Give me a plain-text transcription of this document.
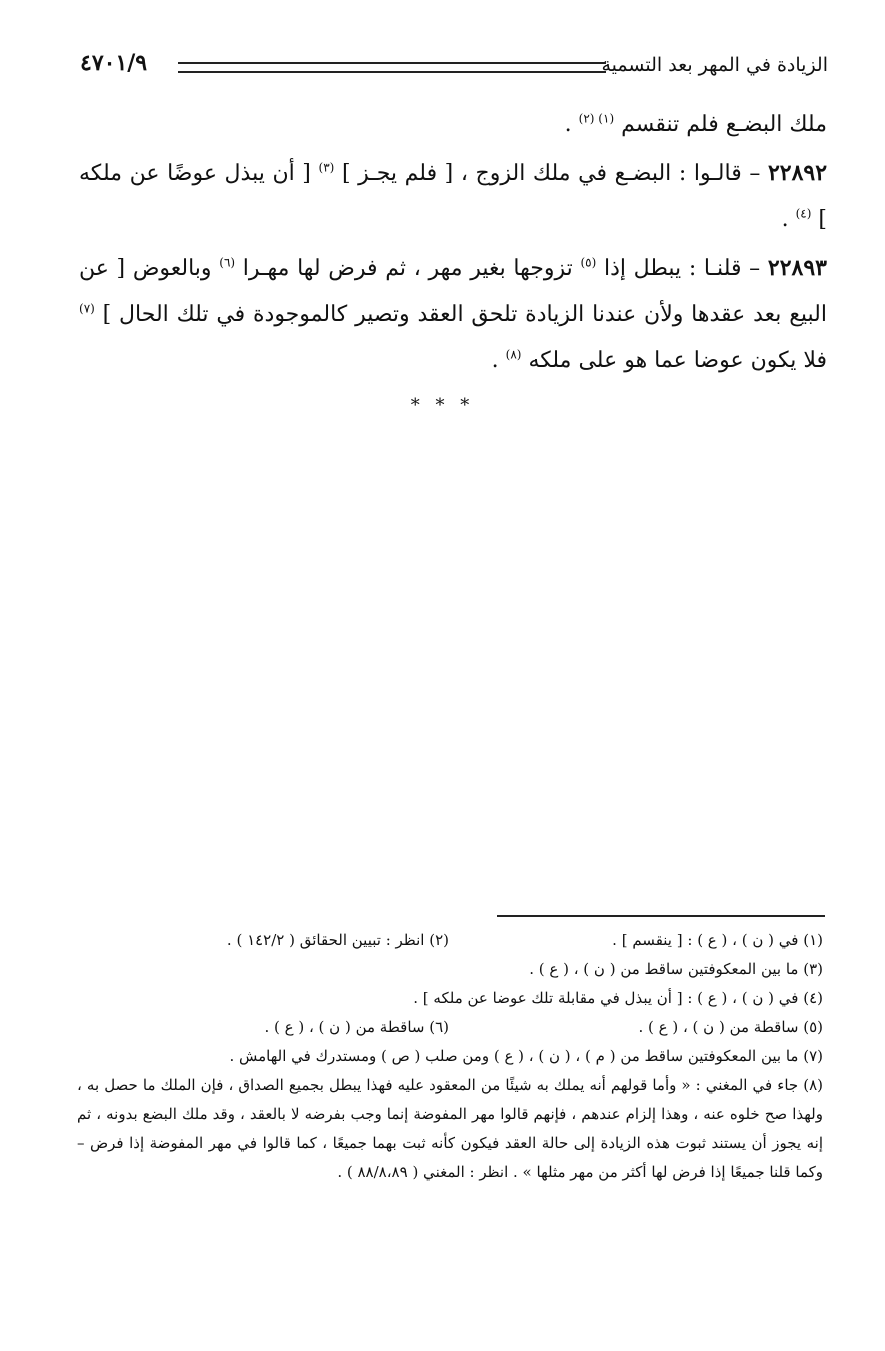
الزيادة في المهر بعد التسمية
٤٧٠١/٩

ملك البضـع فلم تنقسم $^{(١) (٢)}$ .

٢٢٨٩٢ – قالـوا : البضـع في ملك الزوج ، [ فلم يجـز ] $^{(٣)}$ [ أن يبذل عوضًا عن ملكه ] $^{(٤)}$ .

٢٢٨٩٣ – قلنـا : يبطل إذا $^{(٥)}$ تزوجها بغير مهر ، ثم فرض لها مهـرا $^{(٦)}$ وبالعوض [ عن البيع بعد عقدها ولأن عندنا الزيادة تلحق العقد وتصير كالموجودة في تلك الحال ] $^{(٧)}$ فلا يكون عوضا عما هو على ملكه $^{(٨)}$ .

* * *
(١) في ( ن ) ، ( ع ) : [ ينقسم ] .
(٢) انظر : تبيين الحقائق ( ١٤٢/٢ ) .

(٣) ما بين المعكوفتين ساقط من ( ن ) ، ( ع ) .

(٤) في ( ن ) ، ( ع ) : [ أن يبذل في مقابلة تلك عوضا عن ملكه ] .

(٥) ساقطة من ( ن ) ، ( ع ) .
(٦) ساقطة من ( ن ) ، ( ع ) .

(٧) ما بين المعكوفتين ساقط من ( م ) ، ( ن ) ، ( ع ) ومن صلب ( ص ) ومستدرك في الهامش .

(٨) جاء في المغني : « وأما قولهم أنه يملك به شيئًا من المعقود عليه فهذا يبطل بجميع الصداق ، فإن الملك ما حصل به ، ولهذا صح خلوه عنه ، وهذا إلزام عندهم ، فإنهم قالوا مهر المفوضة إنما وجب بفرضه لا بالعقد ، وقد ملك البضع بدونه ، ثم إنه يجوز أن يستند ثبوت هذه الزيادة إلى حالة العقد فيكون كأنه ثبت بهما جميعًا ، كما قالوا في مهر المفوضة إذا فرض – وكما قلنا جميعًا إذا فرض لها أكثر من مهر مثلها » . انظر : المغني ( ٨٨/٨،٨٩ ) .
